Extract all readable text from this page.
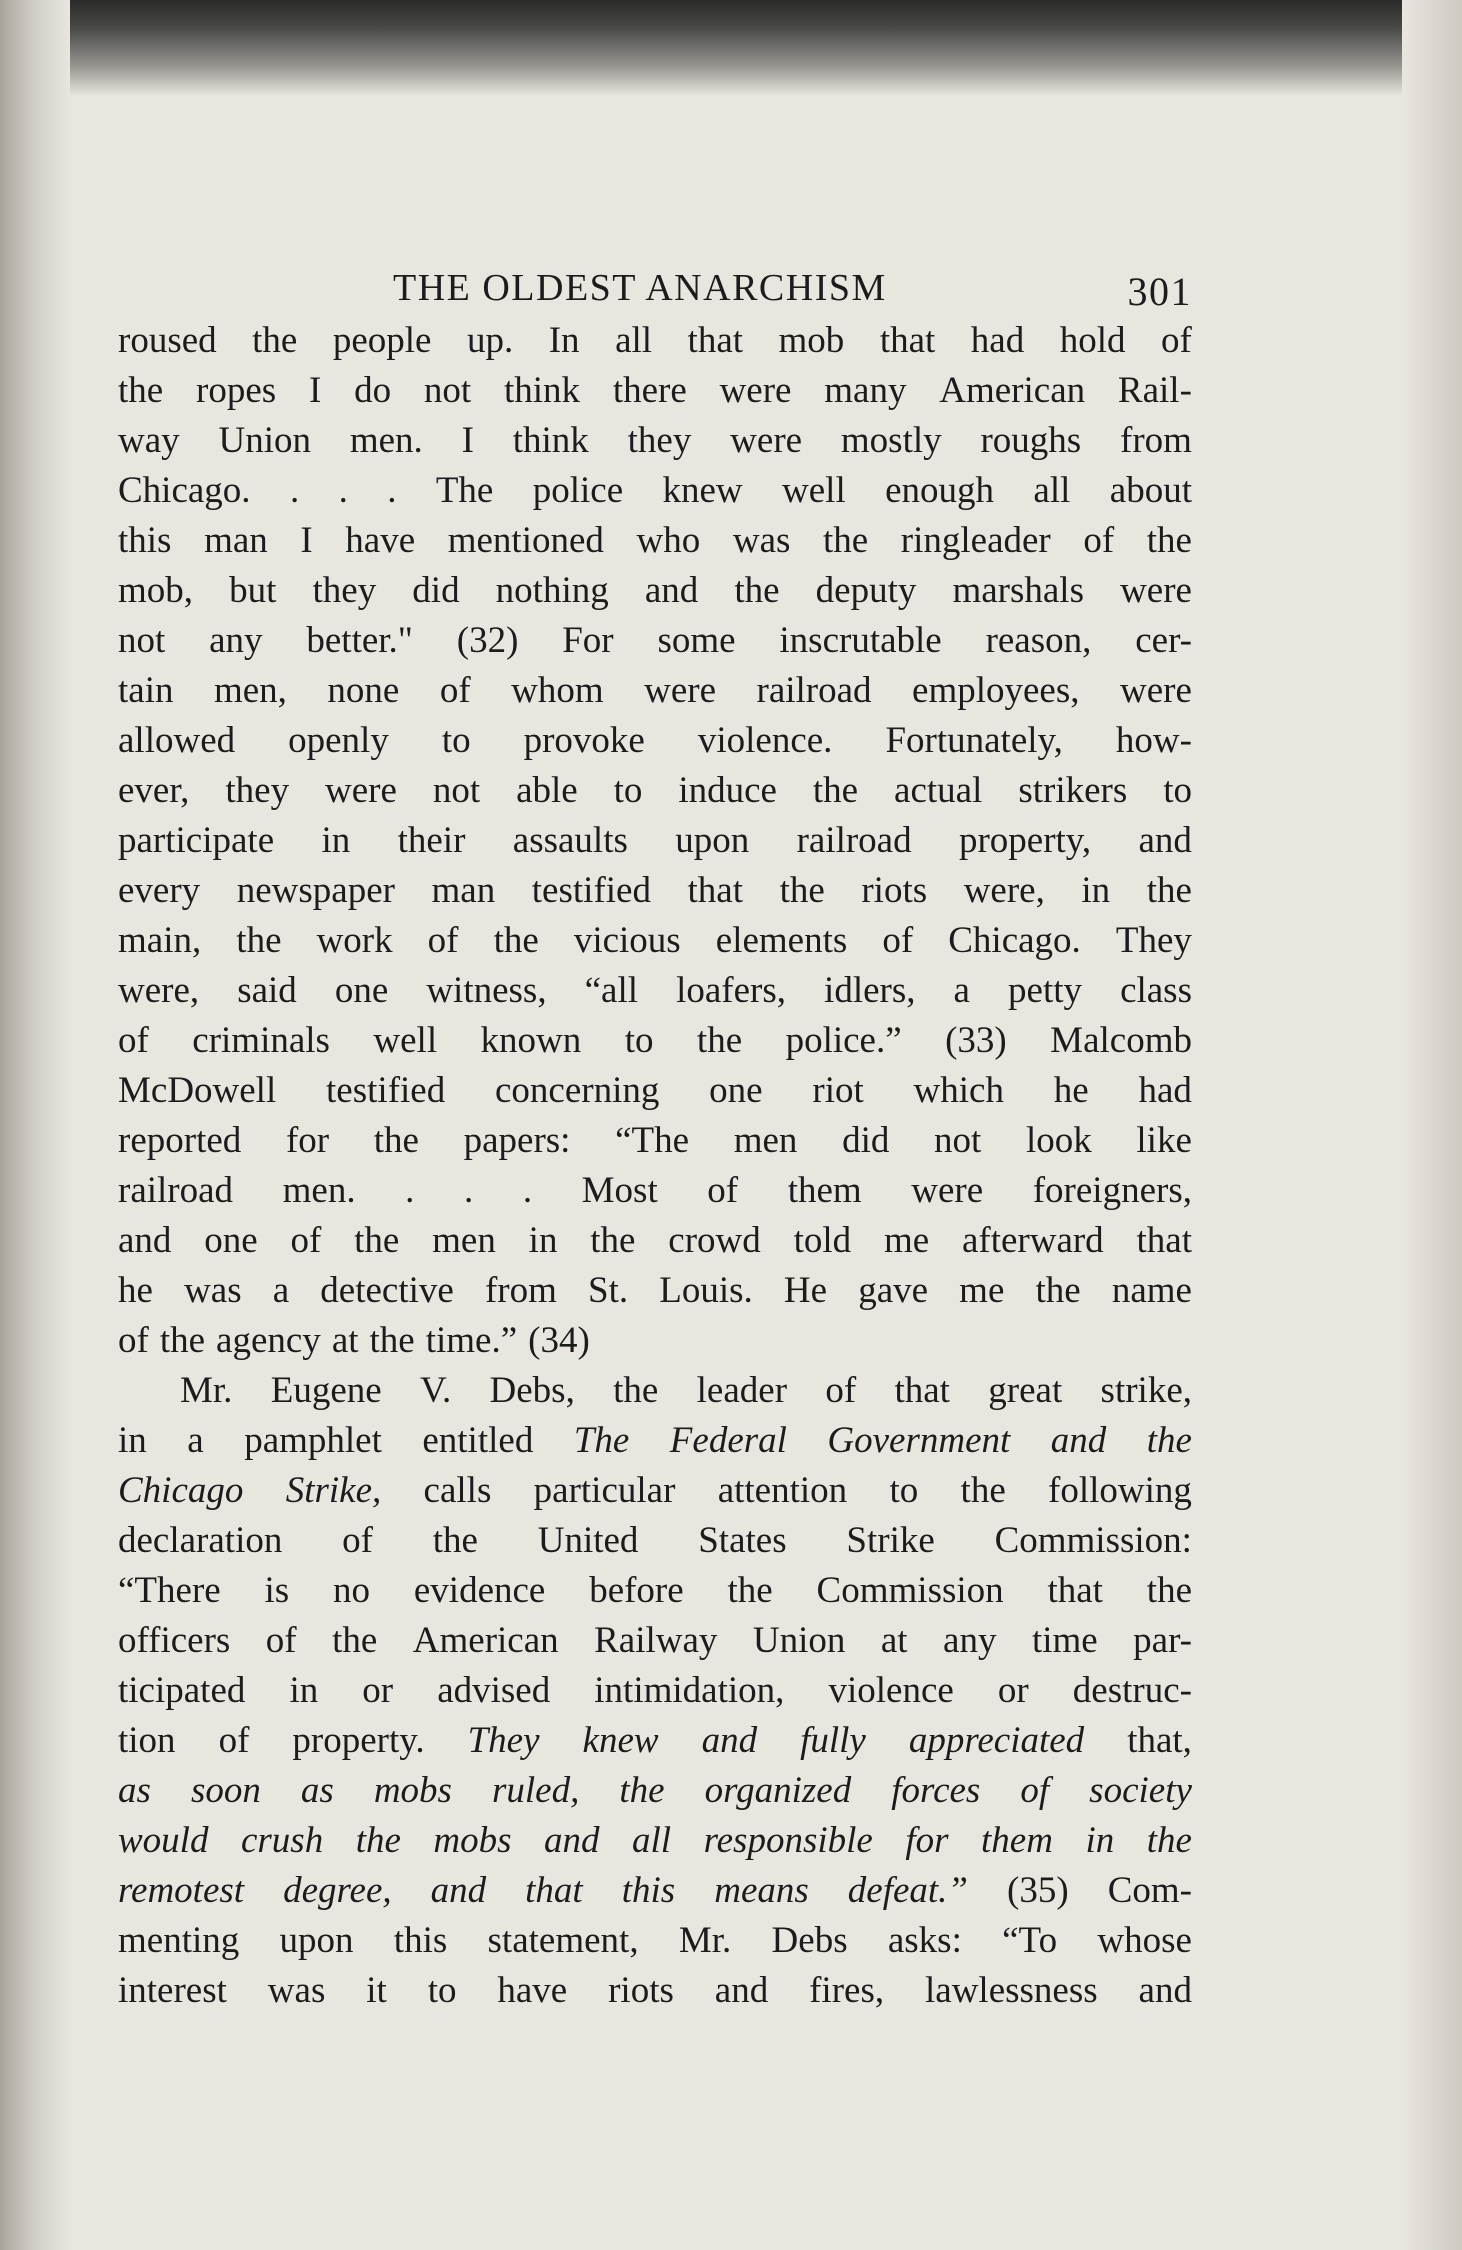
THE OLDEST ANARCHISM	301
roused the people up. In all that mob that had hold of
the ropes I do not think there were many American Rail-
way Union men. I think they were mostly roughs from
Chicago. . . . The police knew well enough all about
this man I have mentioned who was the ringleader of the
mob, but they did nothing and the deputy marshals were
not any better." (32) For some inscrutable reason, cer-
tain men, none of whom were railroad employees, were
allowed openly to provoke violence. Fortunately, how-
ever, they were not able to induce the actual strikers to
participate in their assaults upon railroad property, and
every newspaper man testified that the riots were, in the
main, the work of the vicious elements of Chicago. They
were, said one witness, “all loafers, idlers, a petty class
of criminals well known to the police.” (33) Malcomb
McDowell testified concerning one riot which he had
reported for the papers: “The men did not look like
railroad men. . . . Most of them were foreigners,
and one of the men in the crowd told me afterward that
he was a detective from St. Louis. He gave me the name
of the agency at the time.” (34)
Mr. Eugene V. Debs, the leader of that great strike,
in a pamphlet entitled The Federal Government and the
Chicago Strike, calls particular attention to the following
declaration of the United States Strike Commission:
“There is no evidence before the Commission that the
officers of the American Railway Union at any time par-
ticipated in or advised intimidation, violence or destruc-
tion of property. They knew and fully appreciated that,
as soon as mobs ruled, the organized forces of society
would crush the mobs and all responsible for them in the
remotest degree, and that this means defeat.” (35) Com-
menting upon this statement, Mr. Debs asks: “To whose
interest was it to have riots and fires, lawlessness and
